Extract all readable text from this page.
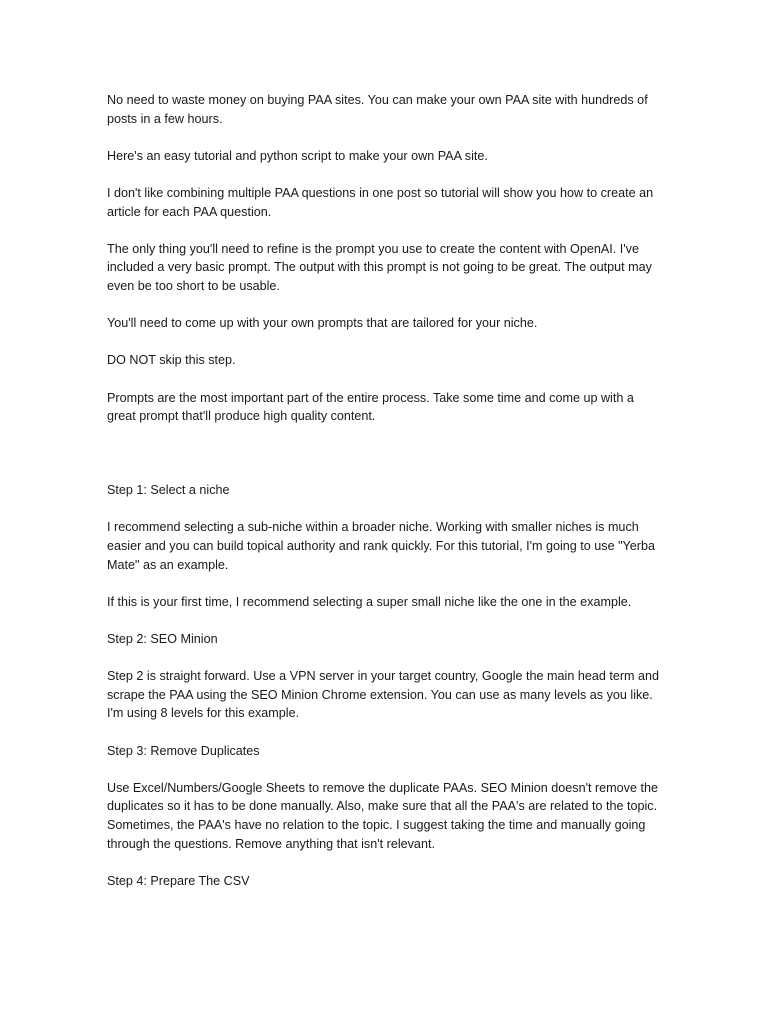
No need to waste money on buying PAA sites. You can make your own PAA site with hundreds of posts in a few hours.

Here's an easy tutorial and python script to make your own PAA site.

I don't like combining multiple PAA questions in one post so tutorial will show you how to create an article for each PAA question.

The only thing you'll need to refine is the prompt you use to create the content with OpenAI. I've included a very basic prompt. The output with this prompt is not going to be great. The output may even be too short to be usable.

You'll need to come up with your own prompts that are tailored for your niche.

DO NOT skip this step.

Prompts are the most important part of the entire process. Take some time and come up with a great prompt that'll produce high quality content.

Step 1: Select a niche

I recommend selecting a sub-niche within a broader niche. Working with smaller niches is much easier and you can build topical authority and rank quickly. For this tutorial, I'm going to use "Yerba Mate" as an example.

If this is your first time, I recommend selecting a super small niche like the one in the example.

Step 2: SEO Minion

Step 2 is straight forward. Use a VPN server in your target country, Google the main head term and scrape the PAA using the SEO Minion Chrome extension. You can use as many levels as you like. I'm using 8 levels for this example.

Step 3: Remove Duplicates

Use Excel/Numbers/Google Sheets to remove the duplicate PAAs. SEO Minion doesn't remove the duplicates so it has to be done manually. Also, make sure that all the PAA's are related to the topic. Sometimes, the PAA's have no relation to the topic. I suggest taking the time and manually going through the questions. Remove anything that isn't relevant.

Step 4: Prepare The CSV
